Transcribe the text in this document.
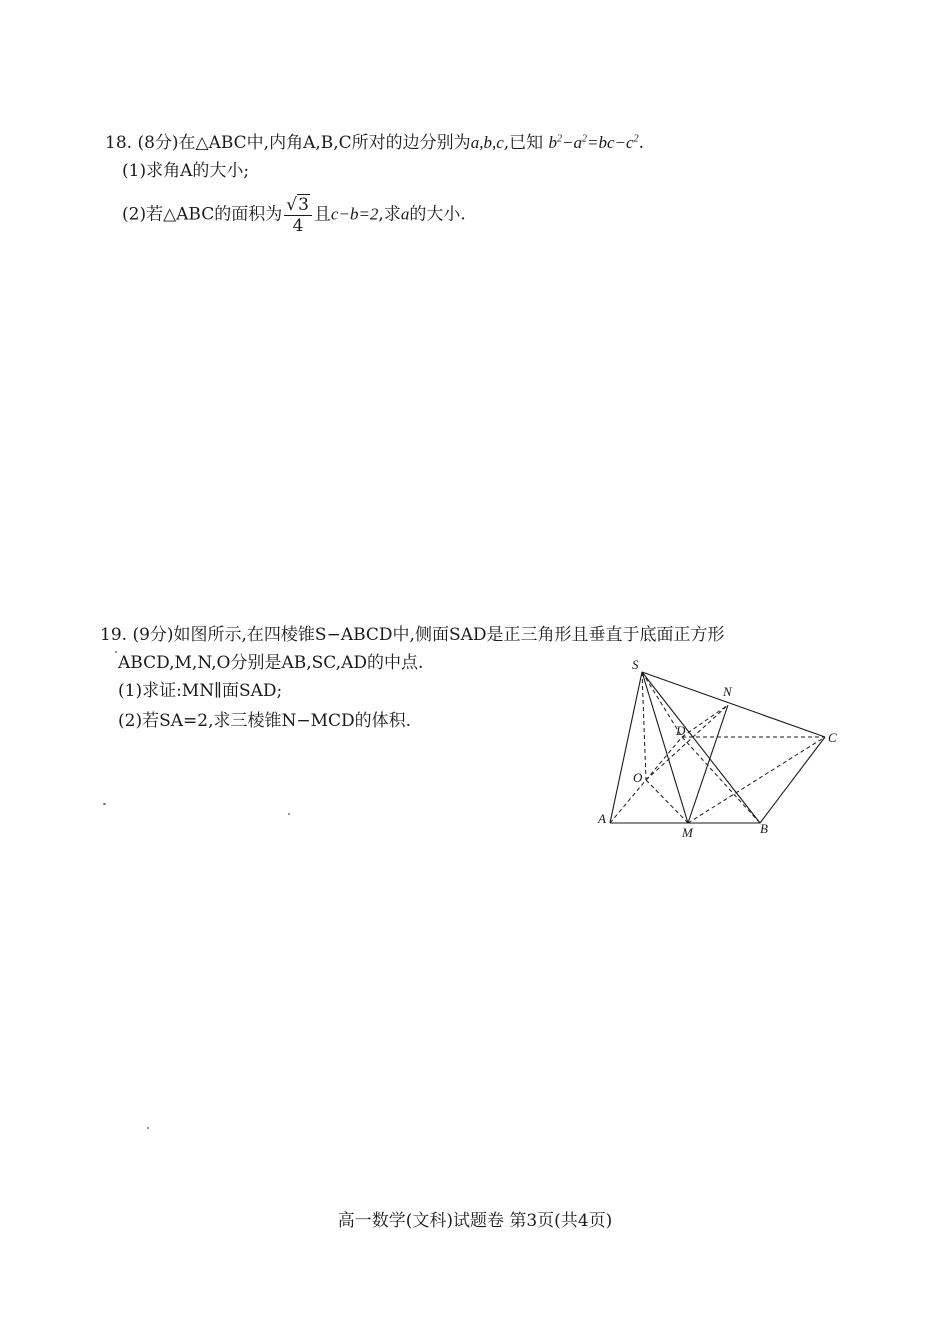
18. (8分)在△ABC中,内角A,B,C所对的边分别为a,b,c,已知 $b^2-a^2=bc-c^2$.
(1)求角A的大小;
(2)若△ABC的面积为 $\frac{√3}{4}$ 且c−b=2,求a的大小.
19. (9分)如图所示,在四棱锥S−ABCD中,侧面SAD是正三角形且垂直于底面正方形
ABCD,M,N,O分别是AB,SC,AD的中点.
(1)求证:MN∥面SAD;
(2)若SA=2,求三棱锥N−MCD的体积.
S
N
D	C
O
A
M	B
高一数学(文科)试题卷 第3页(共4页)
